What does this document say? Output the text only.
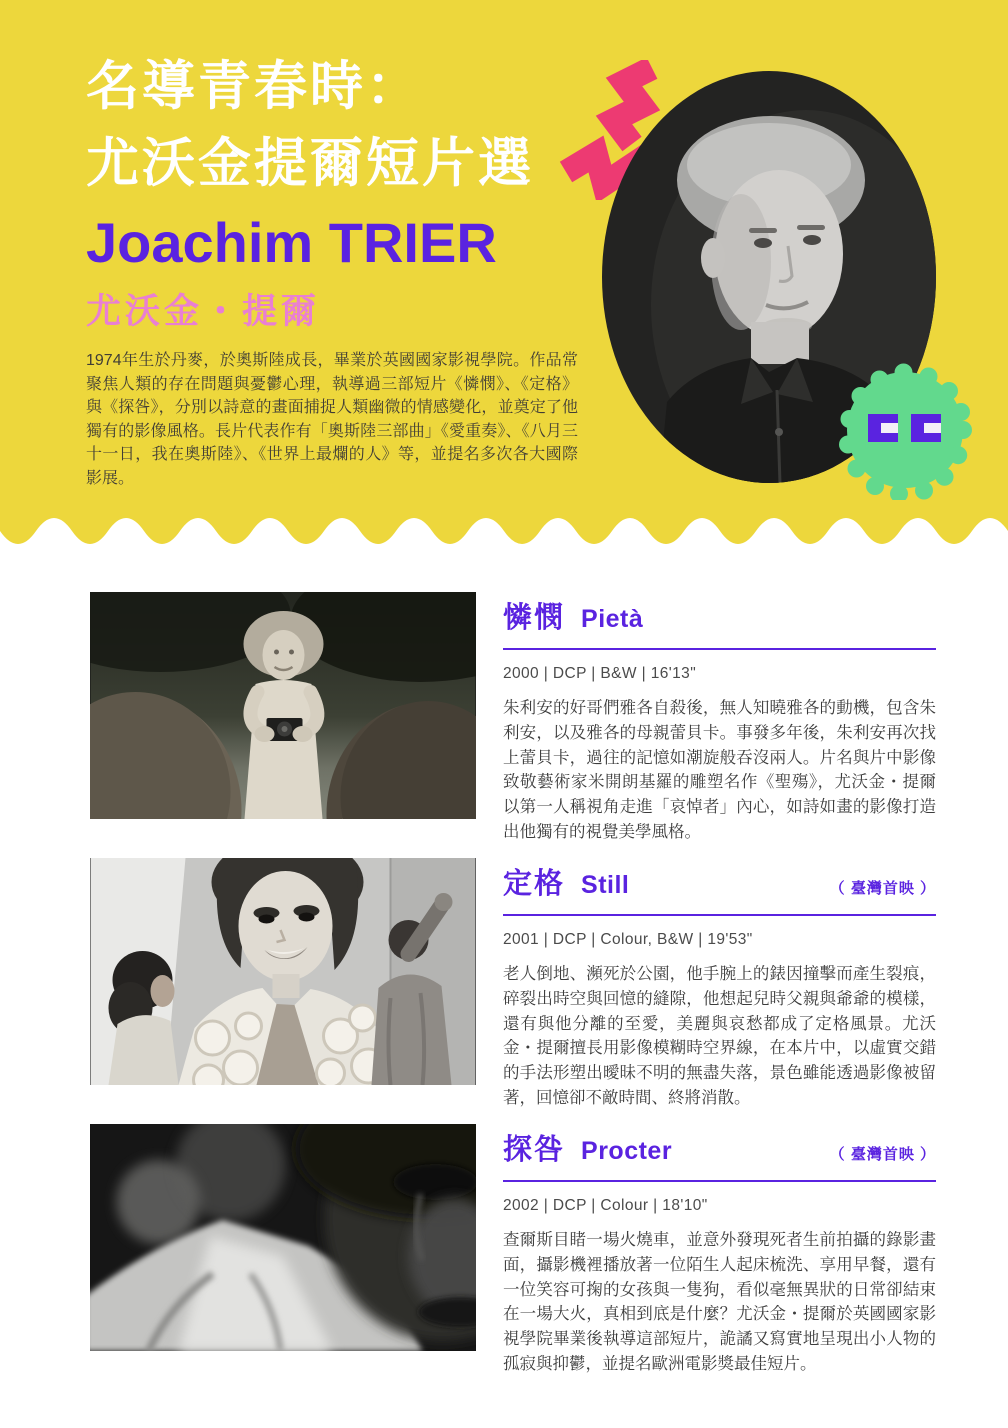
名導青春時：
尤沃金提爾短片選
Joachim TRIER
尤沃金・提爾
1974年生於丹麥，於奧斯陸成長，畢業於英國國家影視學院。作品常聚焦人類的存在問題與憂鬱心理，執導過三部短片《憐憫》、《定格》與《探咎》，分別以詩意的畫面捕捉人類幽微的情感變化，並奠定了他獨有的影像風格。長片代表作有「奧斯陸三部曲」《愛重奏》、《八月三十一日，我在奧斯陸》、《世界上最爛的人》等，並提名多次各大國際影展。
憐憫 Pietà
2000 | DCP | B&W | 16'13"
朱利安的好哥們雅各自殺後，無人知曉雅各的動機，包含朱利安，以及雅各的母親蕾貝卡。事發多年後，朱利安再次找上蕾貝卡，過往的記憶如潮旋般吞沒兩人。片名與片中影像致敬藝術家米開朗基羅的雕塑名作《聖殤》，尤沃金・提爾以第一人稱視角走進「哀悼者」內心，如詩如畫的影像打造出他獨有的視覺美學風格。
定格 Still	（ 臺灣首映 ）
2001 | DCP | Colour, B&W | 19'53"
老人倒地、瀕死於公園，他手腕上的錶因撞擊而產生裂痕，碎裂出時空與回憶的縫隙，他想起兒時父親與爺爺的模樣，還有與他分離的至愛，美麗與哀愁都成了定格風景。尤沃金・提爾擅長用影像模糊時空界線，在本片中，以虛實交錯的手法形塑出曖昧不明的無盡失落，景色雖能透過影像被留著，回憶卻不敵時間、終將消散。
探咎 Procter	（ 臺灣首映 ）
2002 | DCP | Colour | 18'10"
查爾斯目睹一場火燒車，並意外發現死者生前拍攝的錄影畫面，攝影機裡播放著一位陌生人起床梳洗、享用早餐，還有一位笑容可掬的女孩與一隻狗，看似毫無異狀的日常卻結束在一場大火，真相到底是什麼？尤沃金・提爾於英國國家影視學院畢業後執導這部短片，詭譎又寫實地呈現出小人物的孤寂與抑鬱，並提名歐洲電影獎最佳短片。
